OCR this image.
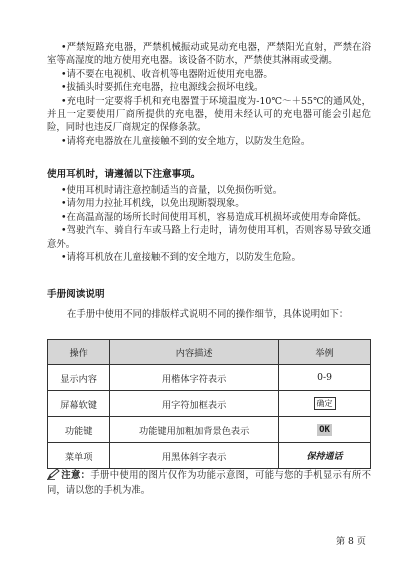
•严禁短路充电器，严禁机械振动或晃动充电器，严禁阳光直射，严禁在浴室等高湿度的地方使用充电器。该设备不防水，严禁使其淋雨或受潮。
•请不要在电视机、收音机等电器附近使用充电器。
•拔插头时要抓住充电器，拉电源线会损坏电线。
•充电时一定要将手机和充电器置于环境温度为-10℃～＋55℃的通风处，并且一定要使用厂商所提供的充电器，使用未经认可的充电器可能会引起危险，同时也违反厂商规定的保修条款。
•请将充电器放在儿童接触不到的安全地方，以防发生危险。
使用耳机时，请遵循以下注意事项。
•使用耳机时请注意控制适当的音量，以免损伤听觉。
•请勿用力拉扯耳机线，以免出现断裂现象。
•在高温高湿的场所长时间使用耳机，容易造成耳机损坏或使用寿命降低。
•驾驶汽车、骑自行车或马路上行走时，请勿使用耳机，否则容易导致交通意外。
•请将耳机放在儿童接触不到的安全地方，以防发生危险。
手册阅读说明
在手册中使用不同的排版样式说明不同的操作细节，具体说明如下：
操作	内容描述	举例
显示内容	用楷体字符表示	0-9
屏幕软键	用字符加框表示	确定
功能键	功能键用加粗加背景色表示	OK
菜单项	用黑体斜字表示	保持通话
注意：手册中使用的图片仅作为功能示意图，可能与您的手机显示有所不同，请以您的手机为准。
第 8 页
